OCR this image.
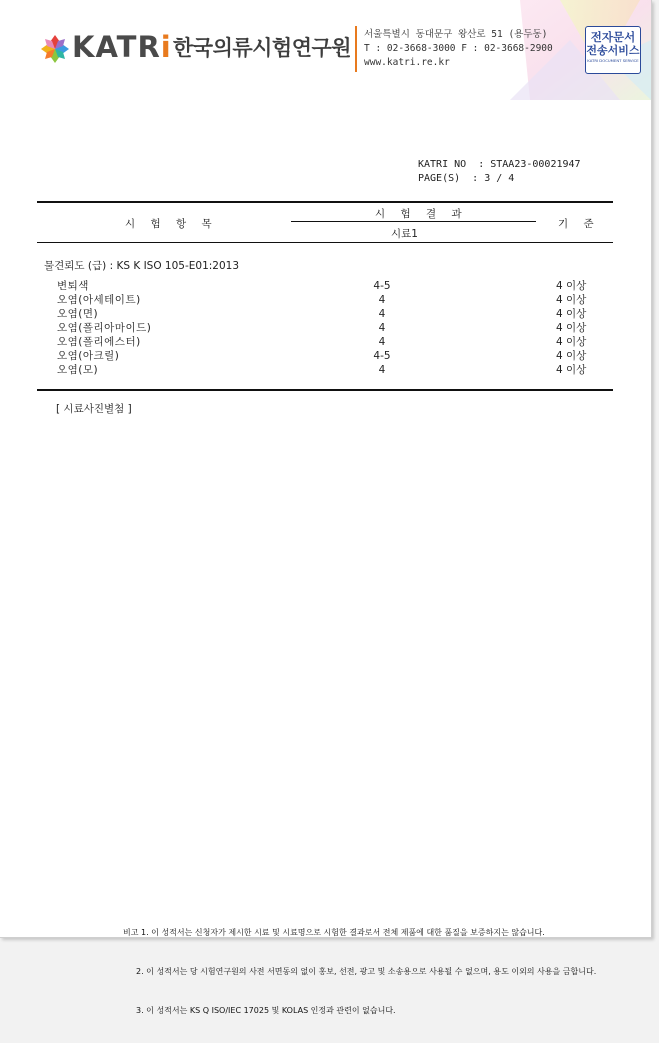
KATRi 한국의류시험연구원
서울특별시 동대문구 왕산로 51 (용두동)
T : 02-3668-3000 F : 02-3668-2900
www.katri.re.kr
전자문서
전송서비스
KATRI DOCUMENT SERVICE
KATRI NO  : STAA23-00021947
PAGE(S)  : 3 / 4
시 험 항 목
시 험 결 과
시료1
기 준
물견뢰도 (급) : KS K ISO 105-E01:2013
변퇴색	4-5	4 이상
오염(아세테이트)	4	4 이상
오염(면)	4	4 이상
오염(폴리아마이드)	4	4 이상
오염(폴리에스터)	4	4 이상
오염(아크릴)	4-5	4 이상
오염(모)	4	4 이상
[ 시료사진별첨 ]

비고 1. 이 성적서는 신청자가 제시한 시료 및 시료명으로 시험한 결과로서 전체 제품에 대한 품질을 보증하지는 않습니다.

2. 이 성적서는 당 시험연구원의 사전 서면동의 없이 홍보, 선전, 광고 및 소송용으로 사용될 수 없으며, 용도 이외의 사용을 금합니다.

3. 이 성적서는 KS Q ISO/IEC 17025 및 KOLAS 인정과 관련이 없습니다.
